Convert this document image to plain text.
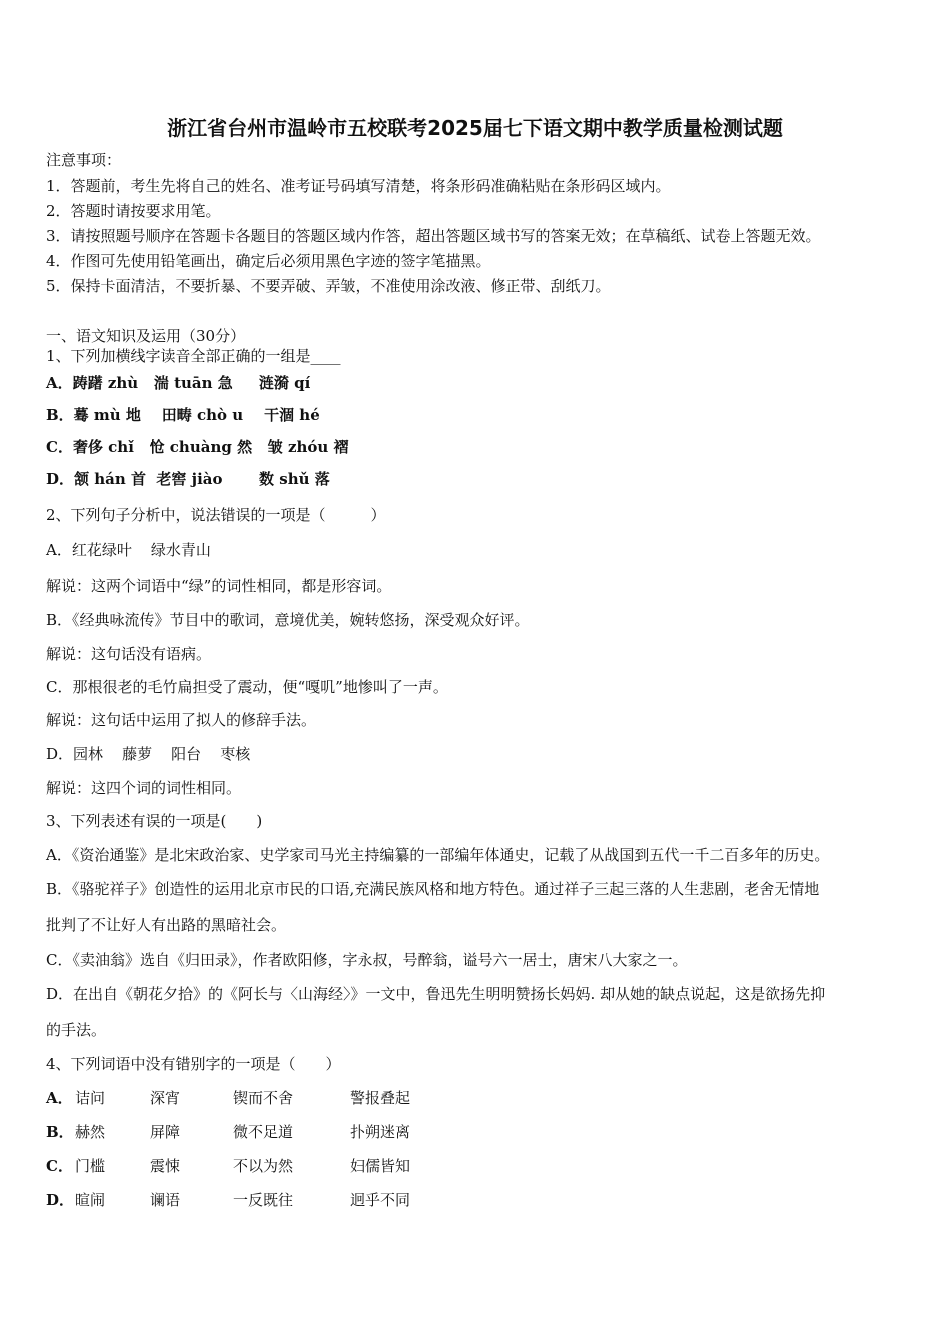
浙江省台州市温岭市五校联考2025届七下语文期中教学质量检测试题
注意事项：
1．答题前，考生先将自己的姓名、准考证号码填写清楚，将条形码准确粘贴在条形码区域内。
2．答题时请按要求用笔。
3．请按照题号顺序在答题卡各题目的答题区域内作答，超出答题区域书写的答案无效；在草稿纸、试卷上答题无效。
4．作图可先使用铅笔画出，确定后必须用黑色字迹的签字笔描黑。
5．保持卡面清洁，不要折暴、不要弄破、弄皱，不准使用涂改液、修正带、刮纸刀。
一、语文知识及运用（30分）
1、下列加横线字读音全部正确的一组是____
A．踌躇 zhù   湍 tuān 急     涟漪 qí
B．蓦 mù 地    田畴 chò u    干涸 hé
C．奢侈 chǐ   怆 chuàng 然   皱 zhóu 褶
D．颔 hán 首  老窖 jiào       数 shǔ 落
2、下列句子分析中，说法错误的一项是（　　　）
A．红花绿叶    绿水青山
解说：这两个词语中“绿”的词性相同，都是形容词。
B．《经典咏流传》节目中的歌词，意境优美，婉转悠扬，深受观众好评。
解说：这句话没有语病。
C．那根很老的毛竹扁担受了震动，便“嘎叽”地惨叫了一声。
解说：这句话中运用了拟人的修辞手法。
D．园林    藤萝    阳台    枣核
解说：这四个词的词性相同。
3、下列表述有误的一项是(　　)
A．《资治通鉴》是北宋政治家、史学家司马光主持编纂的一部编年体通史，记载了从战国到五代一千二百多年的历史。
B．《骆驼祥子》创造性的运用北京市民的口语,充满民族风格和地方特色。通过祥子三起三落的人生悲剧，老舍无情地
批判了不让好人有出路的黑暗社会。
C．《卖油翁》选自《归田录》，作者欧阳修，字永叔，号醉翁，谥号六一居士，唐宋八大家之一。
D．在出自《朝花夕拾》的《阿长与〈山海经〉》一文中，鲁迅先生明明赞扬长妈妈. 却从她的缺点说起，这是欲扬先抑
的手法。
4、下列词语中没有错别字的一项是（　　）
A． 诘问	深宵	锲而不舍	警报叠起
B． 赫然	屏障	微不足道	扑朔迷离
C． 门槛	震悚	不以为然	妇儒皆知
D． 暄闹	谰语	一反既往	迥乎不同
